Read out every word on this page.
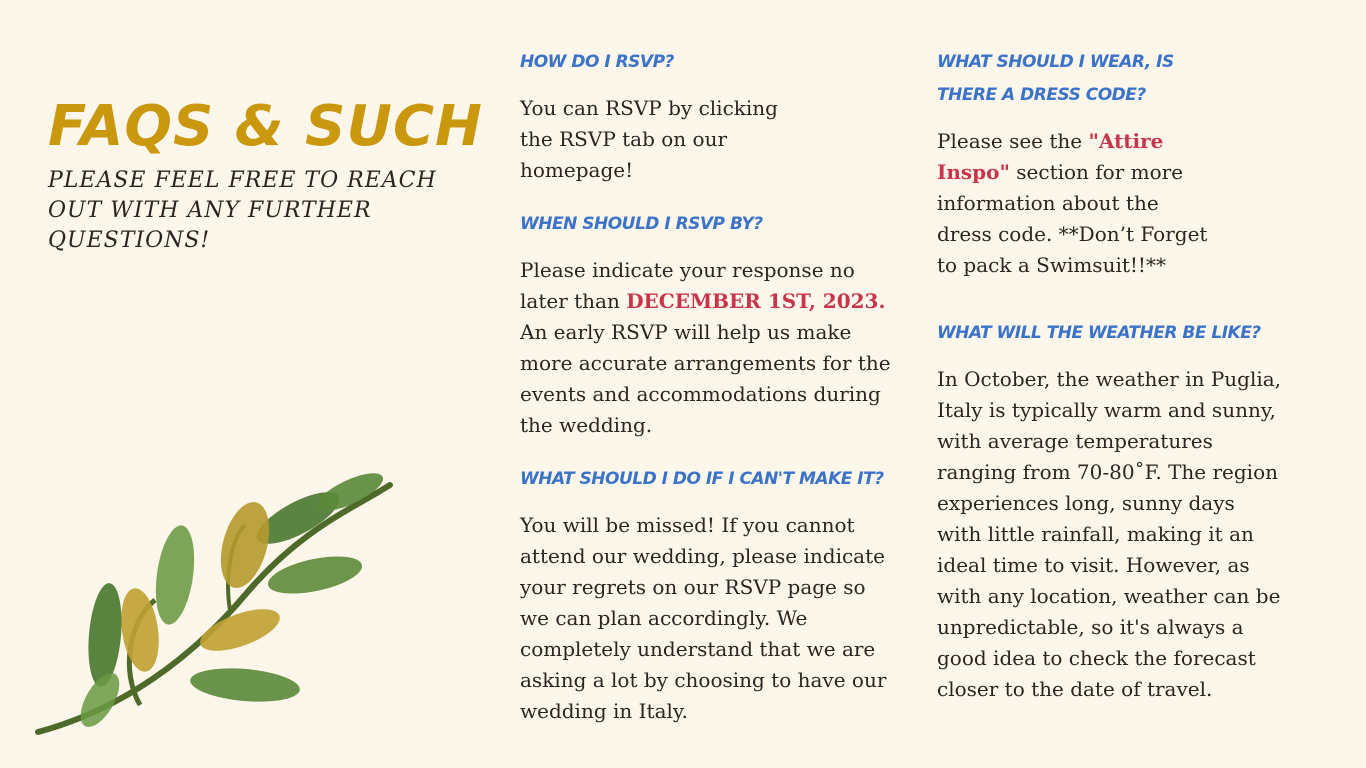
FAQS & SUCH
PLEASE FEEL FREE TO REACH OUT WITH ANY FURTHER QUESTIONS!
HOW DO I RSVP?

You can RSVP by clicking the RSVP tab on our homepage!

WHEN SHOULD I RSVP BY?

Please indicate your response no later than DECEMBER 1ST, 2023. An early RSVP will help us make more accurate arrangements for the events and accommodations during the wedding.

WHAT SHOULD I DO IF I CAN'T MAKE IT?

You will be missed! If you cannot attend our wedding, please indicate your regrets on our RSVP page so we can plan accordingly. We completely understand that we are asking a lot by choosing to have our wedding in Italy.

WHAT SHOULD I WEAR, IS THERE A DRESS CODE?

Please see the "Attire Inspo" section for more information about the dress code. **Don’t Forget to pack a Swimsuit!!**

WHAT WILL THE WEATHER BE LIKE?

In October, the weather in Puglia, Italy is typically warm and sunny, with average temperatures ranging from 70-80˚F. The region experiences long, sunny days with little rainfall, making it an ideal time to visit. However, as with any location, weather can be unpredictable, so it's always a good idea to check the forecast closer to the date of travel.
